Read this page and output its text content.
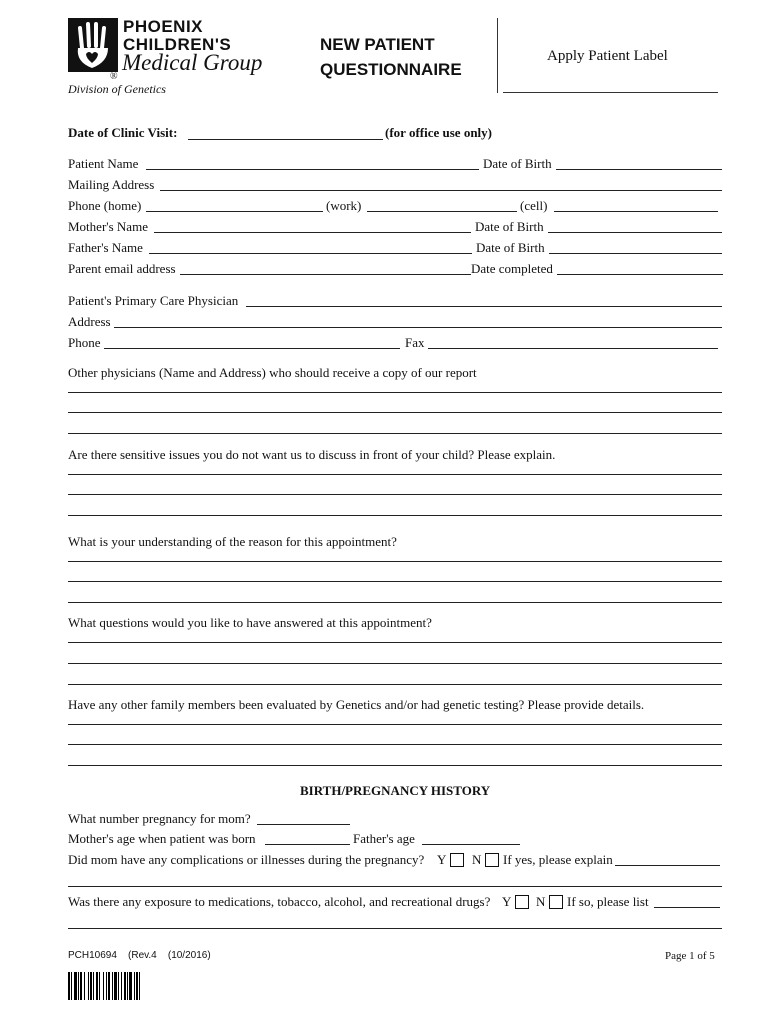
PHOENIX
CHILDREN'S
Medical Group
®
Division of Genetics
NEW PATIENT
QUESTIONNAIRE
Apply Patient Label
Date of Clinic Visit:	(for office use only)
Patient Name	Date of Birth
Mailing Address
Phone (home)	(work)	(cell)
Mother's Name	Date of Birth
Father's Name	Date of Birth
Parent email address	Date completed
Patient's Primary Care Physician
Address
Phone	Fax
Other physicians (Name and Address) who should receive a copy of our report
Are there sensitive issues you do not want us to discuss in front of your child? Please explain.
What is your understanding of the reason for this appointment?
What questions would you like to have answered at this appointment?
Have any other family members been evaluated by Genetics and/or had genetic testing? Please provide details.
BIRTH/PREGNANCY HISTORY
What number pregnancy for mom?
Mother's age when patient was born	Father's age
Did mom have any complications or illnesses during the pregnancy? Y N If yes, please explain
Was there any exposure to medications, tobacco, alcohol, and recreational drugs? Y N If so, please list
PCH10694    (Rev.4    (10/2016)	Page 1 of 5
